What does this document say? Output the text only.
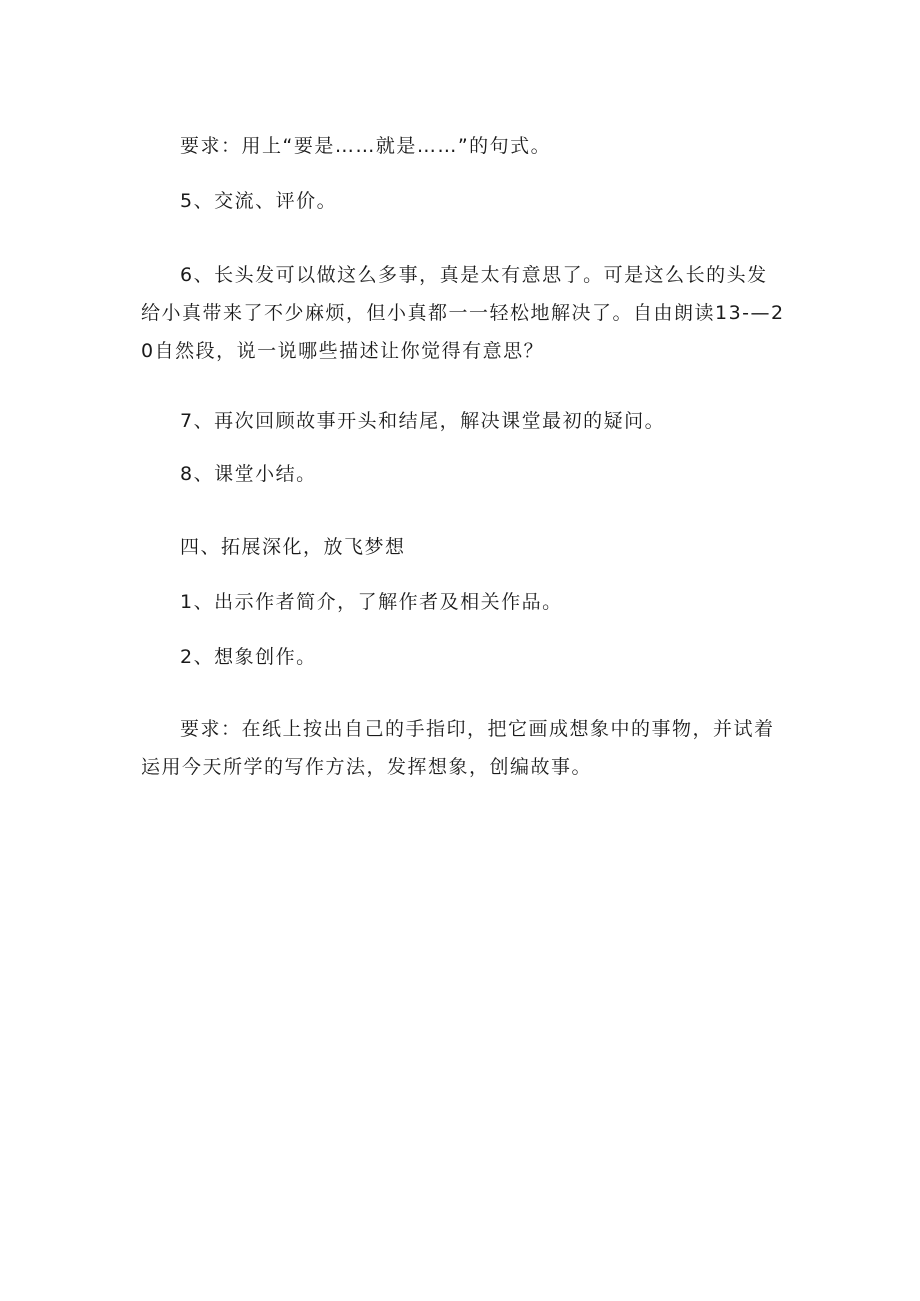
要求：用上“要是……就是……”的句式。

5、交流、评价。

6、长头发可以做这么多事，真是太有意思了。可是这么长的头发给小真带来了不少麻烦，但小真都一一轻松地解决了。自由朗读13-—20自然段，说一说哪些描述让你觉得有意思？

7、再次回顾故事开头和结尾，解决课堂最初的疑问。

8、课堂小结。

四、拓展深化，放飞梦想

1、出示作者简介，了解作者及相关作品。

2、想象创作。

要求：在纸上按出自己的手指印，把它画成想象中的事物，并试着运用今天所学的写作方法，发挥想象，创编故事。
